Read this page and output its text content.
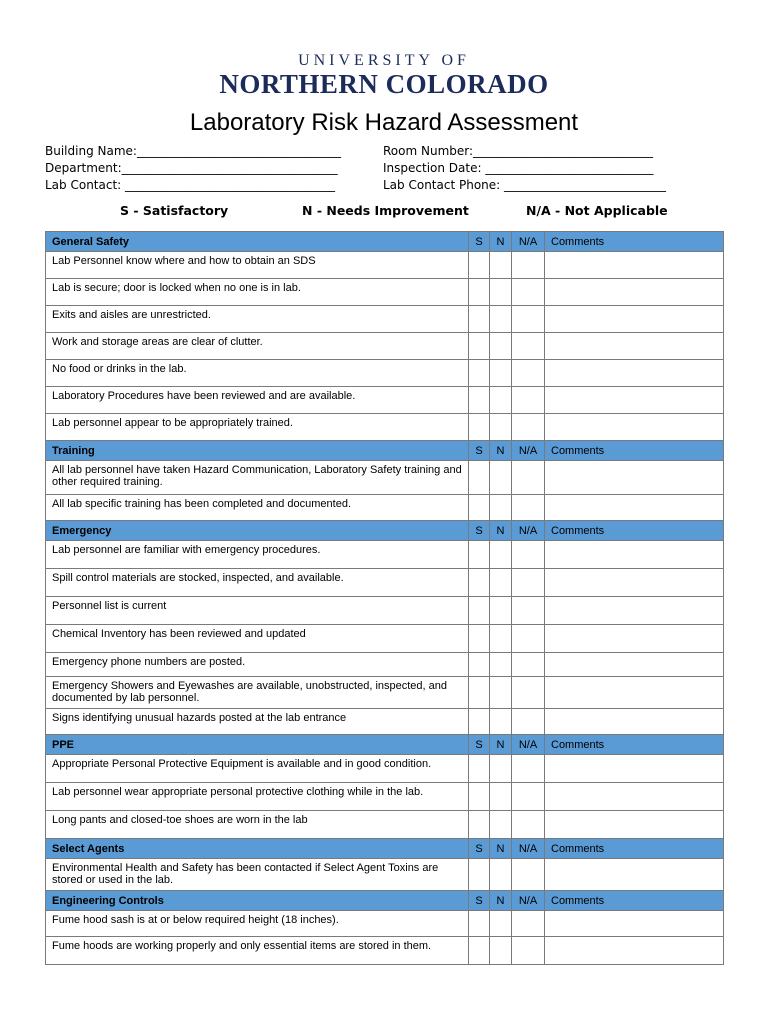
UNIVERSITY OF
NORTHERN COLORADO
Laboratory Risk Hazard Assessment
Building Name:__________________________________
Department:____________________________________
Lab Contact: ___________________________________
Room Number:______________________________
Inspection Date: ____________________________
Lab Contact Phone: ___________________________
S - Satisfactory	N - Needs Improvement	N/A - Not Applicable
General Safety	S	N	N/A	Comments
Lab Personnel know where and how to obtain an SDS				
Lab is secure; door is locked when no one is in lab.				
Exits and aisles are unrestricted.				
Work and storage areas are clear of clutter.				
No food or drinks in the lab.				
Laboratory Procedures have been reviewed and are available.				
Lab personnel appear to be appropriately trained.				
Training	S	N	N/A	Comments
All lab personnel have taken Hazard Communication, Laboratory Safety training and other required training.				
All lab specific training has been completed and documented.				
Emergency	S	N	N/A	Comments
Lab personnel are familiar with emergency procedures.				
Spill control materials are stocked, inspected, and available.				
Personnel list is current				
Chemical Inventory has been reviewed and updated				
Emergency phone numbers are posted.				
Emergency Showers and Eyewashes are available, unobstructed, inspected, and documented by lab personnel.				
Signs identifying unusual hazards posted at the lab entrance				
PPE	S	N	N/A	Comments
Appropriate Personal Protective Equipment is available and in good condition.				
Lab personnel wear appropriate personal protective clothing while in the lab.				
Long pants and closed-toe shoes are worn in the lab				
Select Agents	S	N	N/A	Comments
Environmental Health and Safety has been contacted if Select Agent Toxins are stored or used in the lab.				
Engineering Controls	S	N	N/A	Comments
Fume hood sash is at or below required height (18 inches).				
Fume hoods are working properly and only essential items are stored in them.				
